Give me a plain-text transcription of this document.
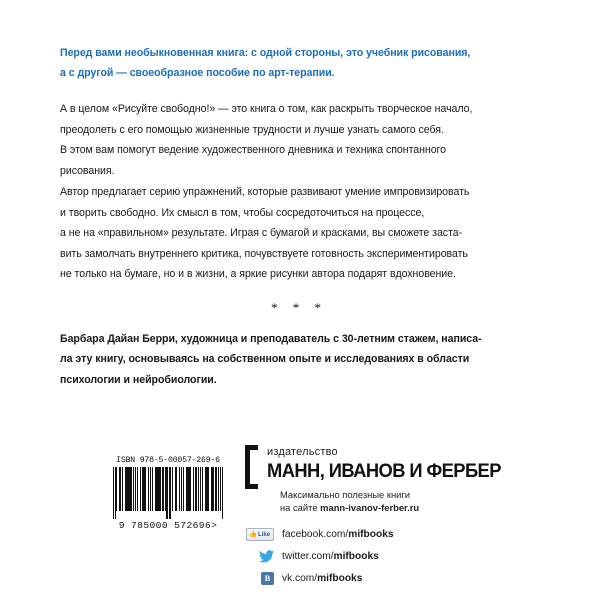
Перед вами необыкновенная книга: с одной стороны, это учебник рисования,
а с другой — своеобразное пособие по арт-терапии.

А в целом «Рисуйте свободно!» — это книга о том, как раскрыть творческое начало,
преодолеть с его помощью жизненные трудности и лучше узнать самого себя.
В этом вам помогут ведение художественного дневника и техника спонтанного
рисования.

Автор предлагает серию упражнений, которые развивают умение импровизировать
и творить свободно. Их смысл в том, чтобы сосредоточиться на процессе,
а не на «правильном» результате. Играя с бумагой и красками, вы сможете заста-
вить замолчать внутреннего критика, почувствуете готовность экспериментировать
не только на бумаге, но и в жизни, а яркие рисунки автора подарят вдохновение.

* * *

Барбара Дайан Берри, художница и преподаватель с 30-летним стажем, написа-
ла эту книгу, основываясь на собственном опыте и исследованиях в области
психологии и нейробиологии.

ISBN 978-5-00057-269-6
9 785000 572696>
издательство
МАНН, ИВАНОВ И ФЕРБЕР
Максимально полезные книги
на сайте mann-ivanov-ferber.ru
👍 Like facebook.com/mifbooks
twitter.com/mifbooks
В	vk.com/mifbooks
